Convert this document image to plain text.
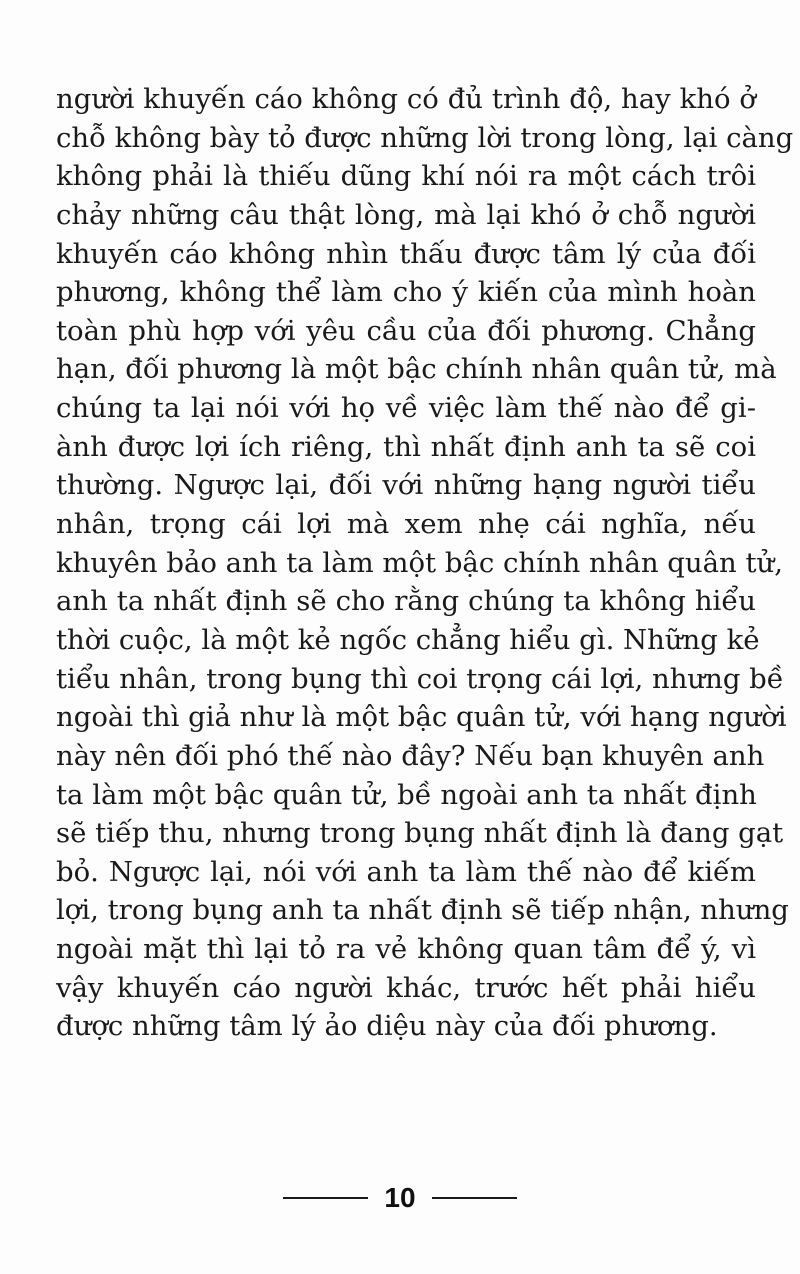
người khuyến cáo không có đủ trình độ, hay khó ở
chỗ không bày tỏ được những lời trong lòng, lại càng
không phải là thiếu dũng khí nói ra một cách trôi
chảy những câu thật lòng, mà lại khó ở chỗ người
khuyến cáo không nhìn thấu được tâm lý của đối
phương, không thể làm cho ý kiến của mình hoàn
toàn phù hợp với yêu cầu của đối phương. Chẳng
hạn, đối phương là một bậc chính nhân quân tử, mà
chúng ta lại nói với họ về việc làm thế nào để gi-
ành được lợi ích riêng, thì nhất định anh ta sẽ coi
thường. Ngược lại, đối với những hạng người tiểu
nhân, trọng cái lợi mà xem nhẹ cái nghĩa, nếu
khuyên bảo anh ta làm một bậc chính nhân quân tử,
anh ta nhất định sẽ cho rằng chúng ta không hiểu
thời cuộc, là một kẻ ngốc chẳng hiểu gì. Những kẻ
tiểu nhân, trong bụng thì coi trọng cái lợi, nhưng bề
ngoài thì giả như là một bậc quân tử, với hạng người
này nên đối phó thế nào đây? Nếu bạn khuyên anh
ta làm một bậc quân tử, bề ngoài anh ta nhất định
sẽ tiếp thu, nhưng trong bụng nhất định là đang gạt
bỏ. Ngược lại, nói với anh ta làm thế nào để kiếm
lợi, trong bụng anh ta nhất định sẽ tiếp nhận, nhưng
ngoài mặt thì lại tỏ ra vẻ không quan tâm để ý, vì
vậy khuyến cáo người khác, trước hết phải hiểu
được những tâm lý ảo diệu này của đối phương.
10
